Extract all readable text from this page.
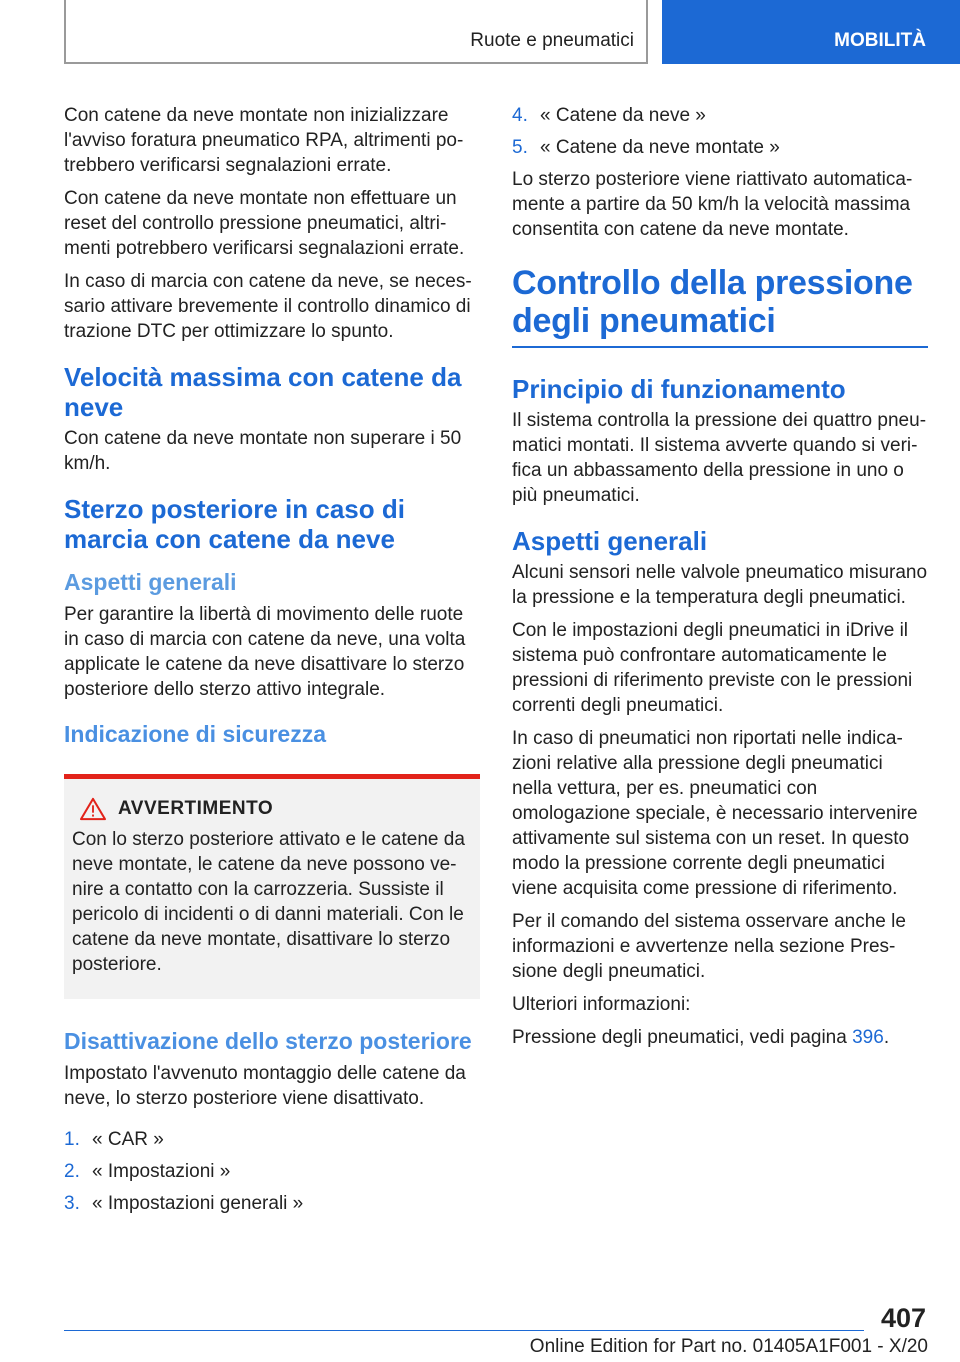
Ruote e pneumatici	MOBILITÀ

Con catene da neve montate non inizializzare l'avviso foratura pneumatico RPA, altrimenti potrebbero verificarsi segnalazioni errate.

Con catene da neve montate non effettuare un reset del controllo pressione pneumatici, altrimenti potrebbero verificarsi segnalazioni errate.

In caso di marcia con catene da neve, se necessario attivare brevemente il controllo dinamico di trazione DTC per ottimizzare lo spunto.

Velocità massima con catene da neve

Con catene da neve montate non superare i 50 km/h.

Sterzo posteriore in caso di marcia con catene da neve
Aspetti generali

Per garantire la libertà di movimento delle ruote in caso di marcia con catene da neve, una volta applicate le catene da neve disattivare lo sterzo posteriore dello sterzo attivo integrale.

Indicazione di sicurezza
AVVERTIMENTO

Con lo sterzo posteriore attivato e le catene da neve montate, le catene da neve possono venire a contatto con la carrozzeria. Sussiste il pericolo di incidenti o di danni materiali. Con le catene da neve montate, disattivare lo sterzo posteriore.

Disattivazione dello sterzo posteriore

Impostato l'avvenuto montaggio delle catene da neve, lo sterzo posteriore viene disattivato.

1. « CAR »
2. « Impostazioni »
3. « Impostazioni generali »
4. « Catene da neve »
5. « Catene da neve montate »

Lo sterzo posteriore viene riattivato automaticamente a partire da 50 km/h la velocità massima consentita con catene da neve montate.

Controllo della pressione degli pneumatici
Principio di funzionamento

Il sistema controlla la pressione dei quattro pneumatici montati. Il sistema avverte quando si verifica un abbassamento della pressione in uno o più pneumatici.

Aspetti generali

Alcuni sensori nelle valvole pneumatico misurano la pressione e la temperatura degli pneumatici.

Con le impostazioni degli pneumatici in iDrive il sistema può confrontare automaticamente le pressioni di riferimento previste con le pressioni correnti degli pneumatici.

In caso di pneumatici non riportati nelle indicazioni relative alla pressione degli pneumatici nella vettura, per es. pneumatici con omologazione speciale, è necessario intervenire attivamente sul sistema con un reset. In questo modo la pressione corrente degli pneumatici viene acquisita come pressione di riferimento.

Per il comando del sistema osservare anche le informazioni e avvertenze nella sezione Pressione degli pneumatici.

Ulteriori informazioni:

Pressione degli pneumatici, vedi pagina 396.

407
Online Edition for Part no. 01405A1F001 - X/20
